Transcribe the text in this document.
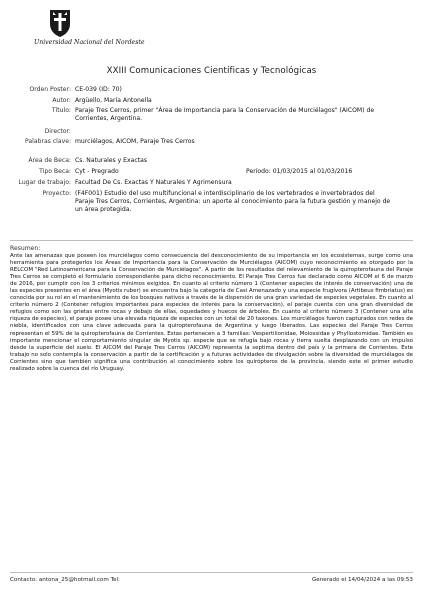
Universidad Nacional del Nordeste
XXIII Comunicaciones Científicas y Tecnológicas
Orden Poster: CE-039 (ID: 70)
Autor: Argüello, María Antonella
Título: Paraje Tres Cerros, primer "Área de Importancia para la Conservación de Murciélagos" (AICOM) de Corrientes, Argentina.
Director:
Palabras clave: murciélagos, AICOM, Paraje Tres Cerros
Área de Beca: Cs. Naturales y Exactas
Tipo Beca: Cyt - Pregrado	Período: 01/03/2015 al 01/03/2016
Lugar de trabajo: Facultad De Cs. Exactas Y Naturales Y Agrimensura
Proyecto: (F4F001) Estudio del uso multifuncional e interdisciplinario de los vertebrados e invertebrados del Paraje Tres Cerros, Corrientes, Argentina: un aporte al conocimiento para la futura gestión y manejo de un área protegida.
Resumen:

Ante las amenazas que poseen los murciélagos como consecuencia del desconocimiento de su importancia en los ecosistemas, surge como una herramienta para protegerlos los Áreas de Importancia para la Conservación de Murciélagos (AICOM) cuyo reconocimiento es otorgado por la RELCOM "Red Latinoamericana para la Conservación de Murciélagos". A partir de los resultados del relevamiento de la quiropterofauna del Paraje Tres Cerros se completó el formulario correspondiente para dicho reconocimiento. El Paraje Tres Cerros fue declarado como AICOM el 6 de marzo de 2016, por cumplir con los 3 criterios mínimos exigidos. En cuanto al criterio número 1 (Contener especies de interés de conservación) una de las especies presentes en el área (Myotis ruber) se encuentra bajo la categoría de Casi Amenazado y una especie frugívora (Artibeus fimbriatus) es conocida por su rol en el mantenimiento de los bosques nativos a través de la dispersión de una gran variedad de especies vegetales. En cuanto al criterio número 2 (Contener refugios importantes para especies de interés para la conservación), el paraje cuenta con una gran diversidad de refugios como son las grietas entre rocas y debajo de ellas, oquedades y huecos de árboles. En cuanto al criterio número 3 (Contener una alta riqueza de especies), el paraje posee una elevada riqueza de especies con un total de 20 taxones. Los murciélagos fueron capturados con redes de niebla, identificados con una clave adecuada para la quiropterofauna de Argentina y luego liberados. Las especies del Paraje Tres Cerros representan el 59% de la quiropterofauna de Corrientes. Estas pertenecen a 3 familias: Vespertilionidae, Molossidae y Phyllostomidae. También es importante mencionar el comportamiento singular de Myotis sp. especie que se refugia bajo rocas y tierra suelta desplazando con un impulso desde la superficie del suelo. El AICOM del Paraje Tres Cerros (AICOM) representa la septima dentro del país y la primera de Corrientes. Este trabajo no solo contempla la conservación a partir de la certificación y a futuras actividades de divulgación sobre la diversidad de murciélagos de Corrientes sino que también significa una contribución al conocimiento sobre los quirópteros de la provincia, siendo este el primer estudio realizado sobre la cuenca del río Uruguay.

Contacto: antona_25@hotmail.com Tel:	Generado el 14/04/2024 a las 09:53
